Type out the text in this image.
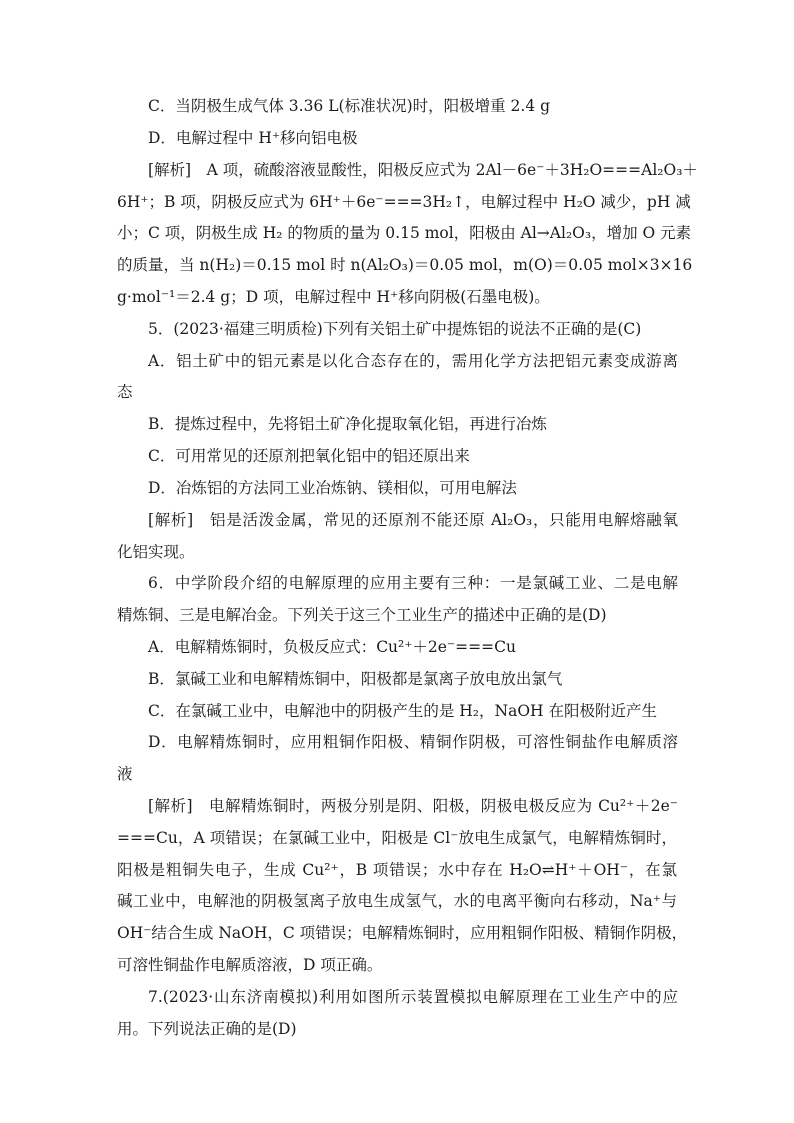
C．当阴极生成气体 3.36 L(标准状况)时，阳极增重 2.4 g
D．电解过程中 H⁺移向铝电极
[解析]　A 项，硫酸溶液显酸性，阳极反应式为 2Al－6e⁻＋3H₂O===Al₂O₃＋
6H⁺；B 项，阴极反应式为 6H⁺＋6e⁻===3H₂↑，电解过程中 H₂O 减少，pH 减
小；C 项，阴极生成 H₂ 的物质的量为 0.15 mol，阳极由 Al→Al₂O₃，增加 O 元素
的质量，当 n(H₂)＝0.15 mol 时 n(Al₂O₃)＝0.05 mol，m(O)＝0.05 mol×3×16
g·mol⁻¹＝2.4 g；D 项，电解过程中 H⁺移向阴极(石墨电极)。
5．(2023·福建三明质检)下列有关铝土矿中提炼铝的说法不正确的是(C)
A．铝土矿中的铝元素是以化合态存在的，需用化学方法把铝元素变成游离
态
B．提炼过程中，先将铝土矿净化提取氧化铝，再进行冶炼
C．可用常见的还原剂把氧化铝中的铝还原出来
D．冶炼铝的方法同工业冶炼钠、镁相似，可用电解法
[解析]　铝是活泼金属，常见的还原剂不能还原 Al₂O₃，只能用电解熔融氧
化铝实现。
6．中学阶段介绍的电解原理的应用主要有三种：一是氯碱工业、二是电解
精炼铜、三是电解冶金。下列关于这三个工业生产的描述中正确的是(D)
A．电解精炼铜时，负极反应式：Cu²⁺＋2e⁻===Cu
B．氯碱工业和电解精炼铜中，阳极都是氯离子放电放出氯气
C．在氯碱工业中，电解池中的阴极产生的是 H₂，NaOH 在阳极附近产生
D．电解精炼铜时，应用粗铜作阳极、精铜作阴极，可溶性铜盐作电解质溶
液
[解析]　电解精炼铜时，两极分别是阴、阳极，阴极电极反应为 Cu²⁺＋2e⁻
===Cu，A 项错误；在氯碱工业中，阳极是 Cl⁻放电生成氯气，电解精炼铜时，
阳极是粗铜失电子，生成 Cu²⁺，B 项错误；水中存在 H₂O⇌H⁺＋OH⁻，在氯
碱工业中，电解池的阴极氢离子放电生成氢气，水的电离平衡向右移动，Na⁺与
OH⁻结合生成 NaOH，C 项错误；电解精炼铜时，应用粗铜作阳极、精铜作阴极，
可溶性铜盐作电解质溶液，D 项正确。
7.(2023·山东济南模拟)利用如图所示装置模拟电解原理在工业生产中的应
用。下列说法正确的是(D)
